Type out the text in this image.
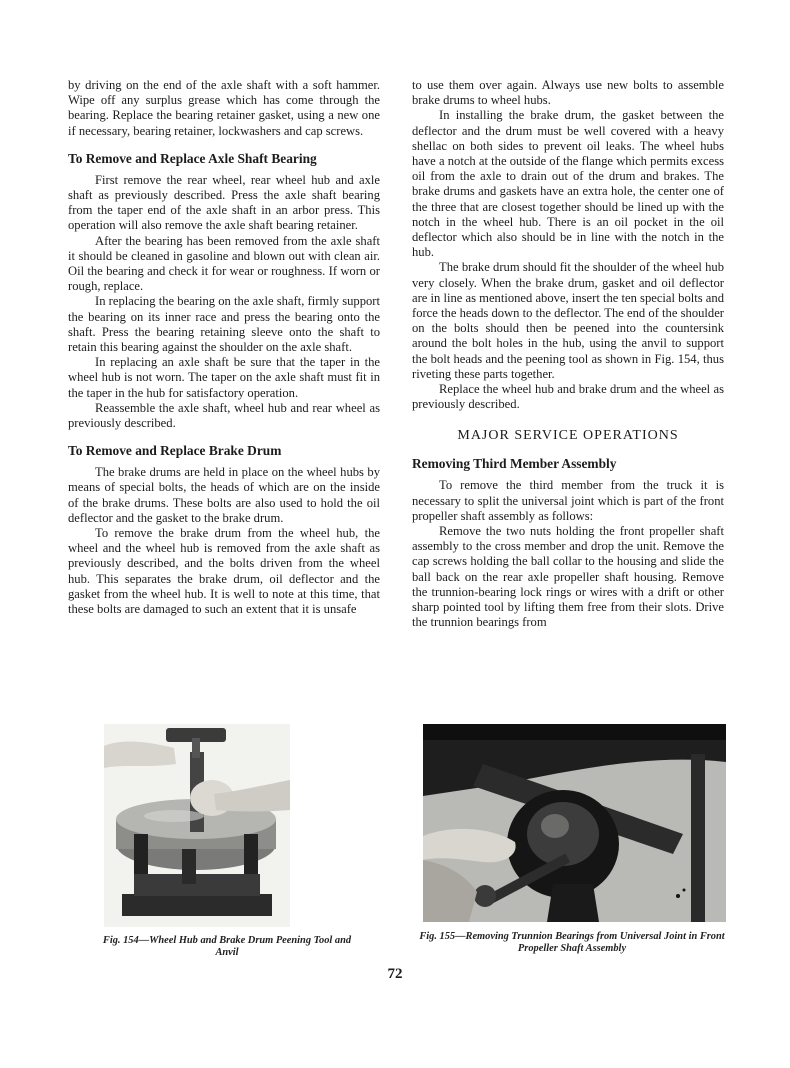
by driving on the end of the axle shaft with a soft hammer. Wipe off any surplus grease which has come through the bearing. Replace the bearing retainer gasket, using a new one if necessary, bearing retainer, lockwashers and cap screws.

To Remove and Replace Axle Shaft Bearing

First remove the rear wheel, rear wheel hub and axle shaft as previously described. Press the axle shaft bearing from the taper end of the axle shaft in an arbor press. This operation will also remove the axle shaft bearing retainer.

After the bearing has been removed from the axle shaft it should be cleaned in gasoline and blown out with clean air. Oil the bearing and check it for wear or roughness. If worn or rough, replace.

In replacing the bearing on the axle shaft, firmly support the bearing on its inner race and press the bearing onto the shaft. Press the bearing retaining sleeve onto the shaft to retain this bearing against the shoulder on the axle shaft.

In replacing an axle shaft be sure that the taper in the wheel hub is not worn. The taper on the axle shaft must fit in the taper in the hub for satisfactory operation.

Reassemble the axle shaft, wheel hub and rear wheel as previously described.

To Remove and Replace Brake Drum

The brake drums are held in place on the wheel hubs by means of special bolts, the heads of which are on the inside of the brake drums. These bolts are also used to hold the oil deflector and the gasket to the brake drum.

To remove the brake drum from the wheel hub, the wheel and the wheel hub is removed from the axle shaft as previously described, and the bolts driven from the wheel hub. This separates the brake drum, oil deflector and the gasket from the wheel hub. It is well to note at this time, that these bolts are damaged to such an extent that it is unsafe

to use them over again. Always use new bolts to assemble brake drums to wheel hubs.

In installing the brake drum, the gasket between the deflector and the drum must be well covered with a heavy shellac on both sides to prevent oil leaks. The wheel hubs have a notch at the outside of the flange which permits excess oil from the axle to drain out of the drum and brakes. The brake drums and gaskets have an extra hole, the center one of the three that are closest together should be lined up with the notch in the wheel hub. There is an oil pocket in the oil deflector which also should be in line with the notch in the hub.

The brake drum should fit the shoulder of the wheel hub very closely. When the brake drum, gasket and oil deflector are in line as mentioned above, insert the ten special bolts and force the heads down to the deflector. The end of the shoulder on the bolts should then be peened into the countersink around the bolt holes in the hub, using the anvil to support the bolt heads and the peening tool as shown in Fig. 154, thus riveting these parts together.

Replace the wheel hub and brake drum and the wheel as previously described.

MAJOR SERVICE OPERATIONS
Removing Third Member Assembly

To remove the third member from the truck it is necessary to split the universal joint which is part of the front propeller shaft assembly as follows:

Remove the two nuts holding the front propeller shaft assembly to the cross member and drop the unit. Remove the cap screws holding the ball collar to the housing and slide the ball back on the rear axle propeller shaft housing. Remove the trunnion-bearing lock rings or wires with a drift or other sharp pointed tool by lifting them free from their slots. Drive the trunnion bearings from

Fig. 154—Wheel Hub and Brake Drum Peening Tool and Anvil
Fig. 155—Removing Trunnion Bearings from Universal Joint in Front Propeller Shaft Assembly
72
